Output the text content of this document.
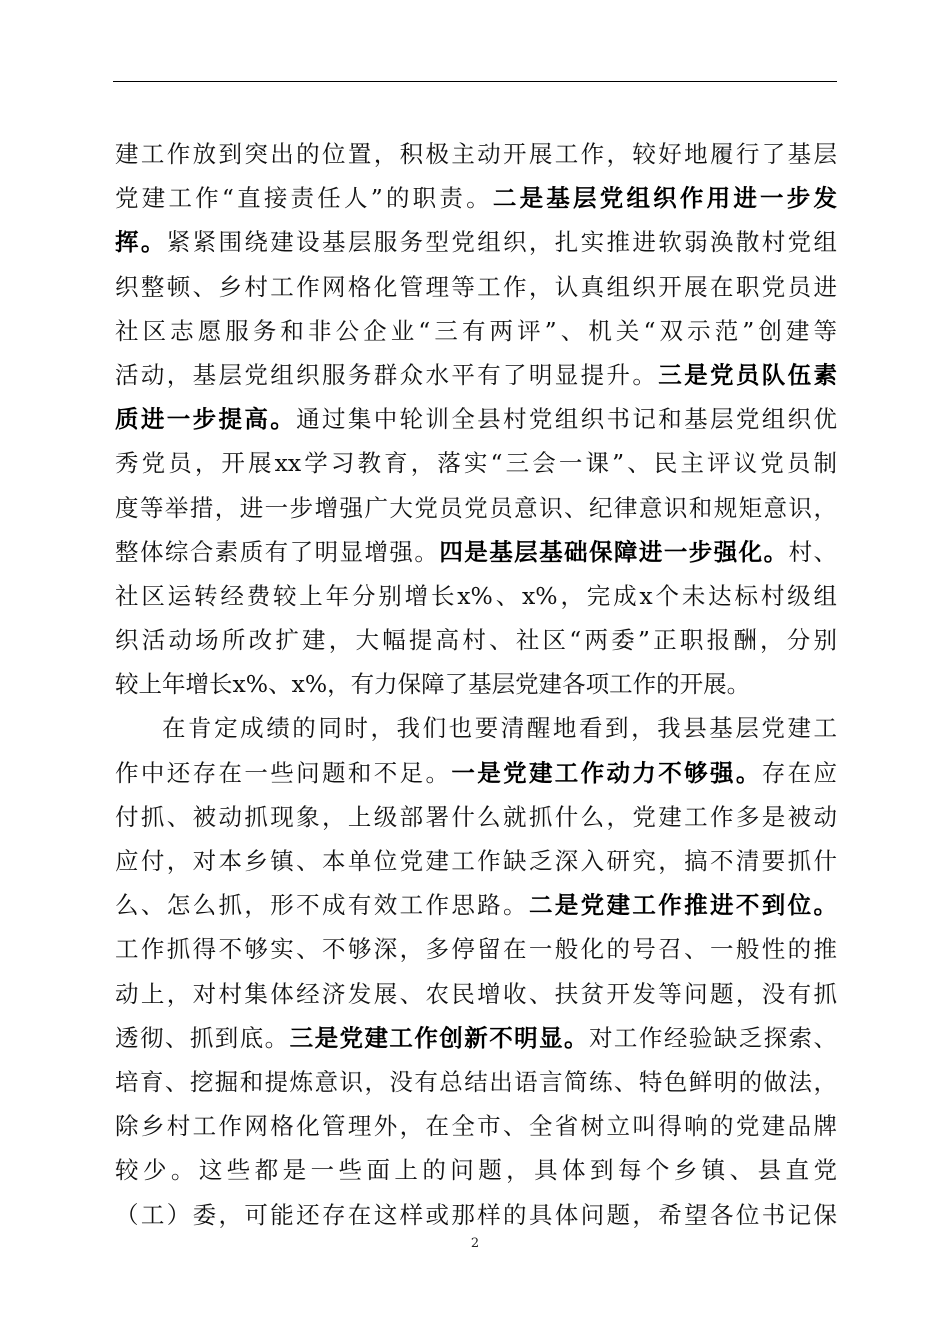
建工作放到突出的位置，积极主动开展工作，较好地履行了基层
党建工作“直接责任人”的职责。二是基层党组织作用进一步发
挥。紧紧围绕建设基层服务型党组织，扎实推进软弱涣散村党组
织整顿、乡村工作网格化管理等工作，认真组织开展在职党员进
社区志愿服务和非公企业“三有两评”、机关“双示范”创建等
活动，基层党组织服务群众水平有了明显提升。三是党员队伍素
质进一步提高。通过集中轮训全县村党组织书记和基层党组织优
秀党员，开展xx学习教育，落实“三会一课”、民主评议党员制
度等举措，进一步增强广大党员党员意识、纪律意识和规矩意识，
整体综合素质有了明显增强。四是基层基础保障进一步强化。村、
社区运转经费较上年分别增长x%、x%，完成x个未达标村级组
织活动场所改扩建，大幅提高村、社区“两委”正职报酬，分别
较上年增长x%、x%，有力保障了基层党建各项工作的开展。
在肯定成绩的同时，我们也要清醒地看到，我县基层党建工
作中还存在一些问题和不足。一是党建工作动力不够强。存在应
付抓、被动抓现象，上级部署什么就抓什么，党建工作多是被动
应付，对本乡镇、本单位党建工作缺乏深入研究，搞不清要抓什
么、怎么抓，形不成有效工作思路。二是党建工作推进不到位。
工作抓得不够实、不够深，多停留在一般化的号召、一般性的推
动上，对村集体经济发展、农民增收、扶贫开发等问题，没有抓
透彻、抓到底。三是党建工作创新不明显。对工作经验缺乏探索、
培育、挖掘和提炼意识，没有总结出语言简练、特色鲜明的做法，
除乡村工作网格化管理外，在全市、全省树立叫得响的党建品牌
较少。这些都是一些面上的问题，具体到每个乡镇、县直党
（工）委，可能还存在这样或那样的具体问题，希望各位书记保
2
